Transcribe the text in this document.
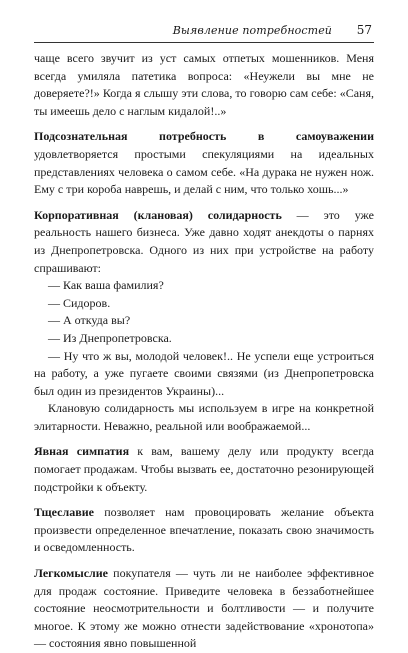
Выявление потребностей 57

чаще всего звучит из уст самых отпетых мошенников. Меня всегда умиляла патетика вопроса: «Неужели вы мне не доверяете?!» Когда я слышу эти слова, то говорю сам себе: «Саня, ты имеешь дело с наглым кидалой!..»

Подсознательная потребность в самоуважении удовлетворяется простыми спекуляциями на идеальных представлениях человека о самом себе. «На дурака не нужен нож. Ему с три короба наврешь, и делай с ним, что только хошь...»

Корпоративная (клановая) солидарность — это уже реальность нашего бизнеса. Уже давно ходят анекдоты о парнях из Днепропетровска. Одного из них при устройстве на работу спрашивают:

— Как ваша фамилия?

— Сидоров.

— А откуда вы?

— Из Днепропетровска.

— Ну что ж вы, молодой человек!.. Не успели еще устроиться на работу, а уже пугаете своими связями (из Днепропетровска был один из президентов Украины)...

Клановую солидарность мы используем в игре на конкретной элитарности. Неважно, реальной или воображаемой...

Явная симпатия к вам, вашему делу или продукту всегда помогает продажам. Чтобы вызвать ее, достаточно резонирующей подстройки к объекту.

Тщеславие позволяет нам провоцировать желание объекта произвести определенное впечатление, показать свою значимость и осведомленность.

Легкомыслие покупателя — чуть ли не наиболее эффективное для продаж состояние. Приведите человека в беззаботнейшее состояние неосмотрительности и болтливости — и получите многое. К этому же можно отнести задействование «хронотопа» — состояния явно повышенной
